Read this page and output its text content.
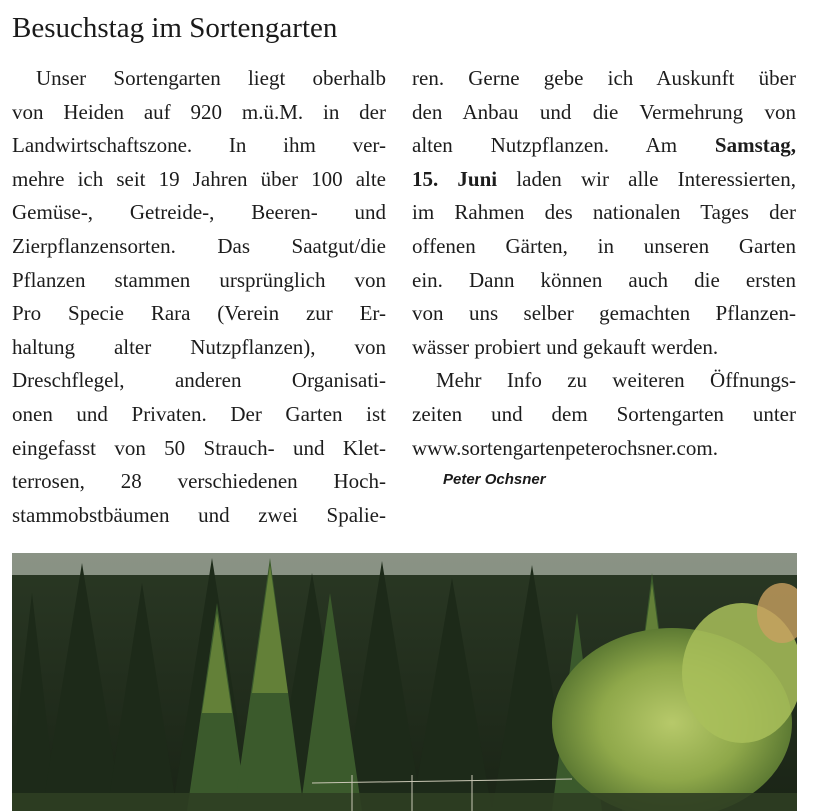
Besuchstag im Sortengarten
Unser Sortengarten liegt oberhalb
von Heiden auf 920 m.ü.M. in der
Landwirtschaftszone. In ihm ver-
mehre ich seit 19 Jahren über 100 alte
Gemüse-, Getreide-, Beeren- und
Zierpflanzensorten. Das Saatgut/die
Pflanzen stammen ursprünglich von
Pro Specie Rara (Verein zur Er-
haltung alter Nutzpflanzen), von
Dreschflegel, anderen Organisati-
onen und Privaten. Der Garten ist
eingefasst von 50 Strauch- und Klet-
terrosen, 28 verschiedenen Hoch-
stammobstbäumen und zwei Spalie-
ren. Gerne gebe ich Auskunft über
den Anbau und die Vermehrung von
alten Nutzpflanzen. Am Samstag,
15. Juni laden wir alle Interessierten,
im Rahmen des nationalen Tages der
offenen Gärten, in unseren Garten
ein. Dann können auch die ersten
von uns selber gemachten Pflanzen-
wässer probiert und gekauft werden.
Mehr Info zu weiteren Öffnungs-
zeiten und dem Sortengarten unter
www.sortengartenpeterochsner.com.
Peter Ochsner
